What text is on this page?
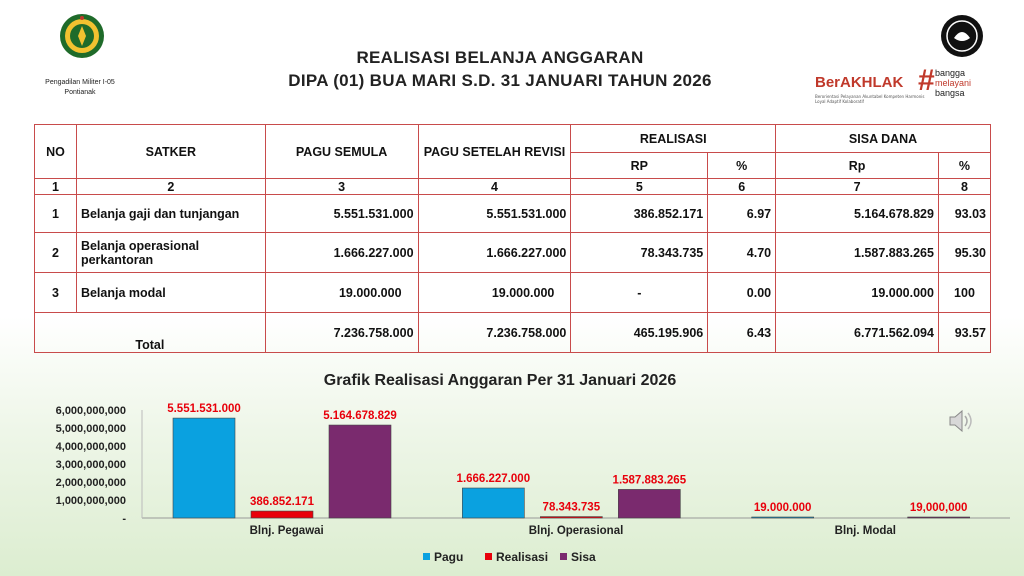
Pengadilan Militer I-05
Pontianak
REALISASI BELANJA ANGGARAN
DIPA (01) BUA MARI S.D. 31 JANUARI TAHUN 2026	BerAKHLAK
Berorientasi Pelayanan Akuntabel Kompeten Harmonis Loyal Adaptif Kolaboratif
# bangga
melayani
bangsa
NO	SATKER	PAGU SEMULA	PAGU SETELAH REVISI	REALISASI		SISA DANA	
				RP	%	Rp	%
1	2	3	4	5	6	7	8
1	Belanja gaji dan tunjangan	5.551.531.000	5.551.531.000	386.852.171	6.97	5.164.678.829	93.03
2	Belanja operasional perkantoran	1.666.227.000	1.666.227.000	78.343.735	4.70	1.587.883.265	95.30
3	Belanja modal	19.000.000	19.000.000	-	0.00	19.000.000	100
Total		7.236.758.000	7.236.758.000	465.195.906	6.43	6.771.562.094	93.57
Grafik Realisasi Anggaran Per 31 Januari 2026
-
1,000,000,000
2,000,000,000
3,000,000,000
4,000,000,000
5,000,000,000
6,000,000,000	5.551.531.000
386.852.171
5.164.678.829
Blnj. Pegawai
1.666.227.000
78.343.735
1.587.883.265
Blnj. Operasional
19.000.000	19,000,000
Blnj. Modal
Pagu	Realisasi Sisa
